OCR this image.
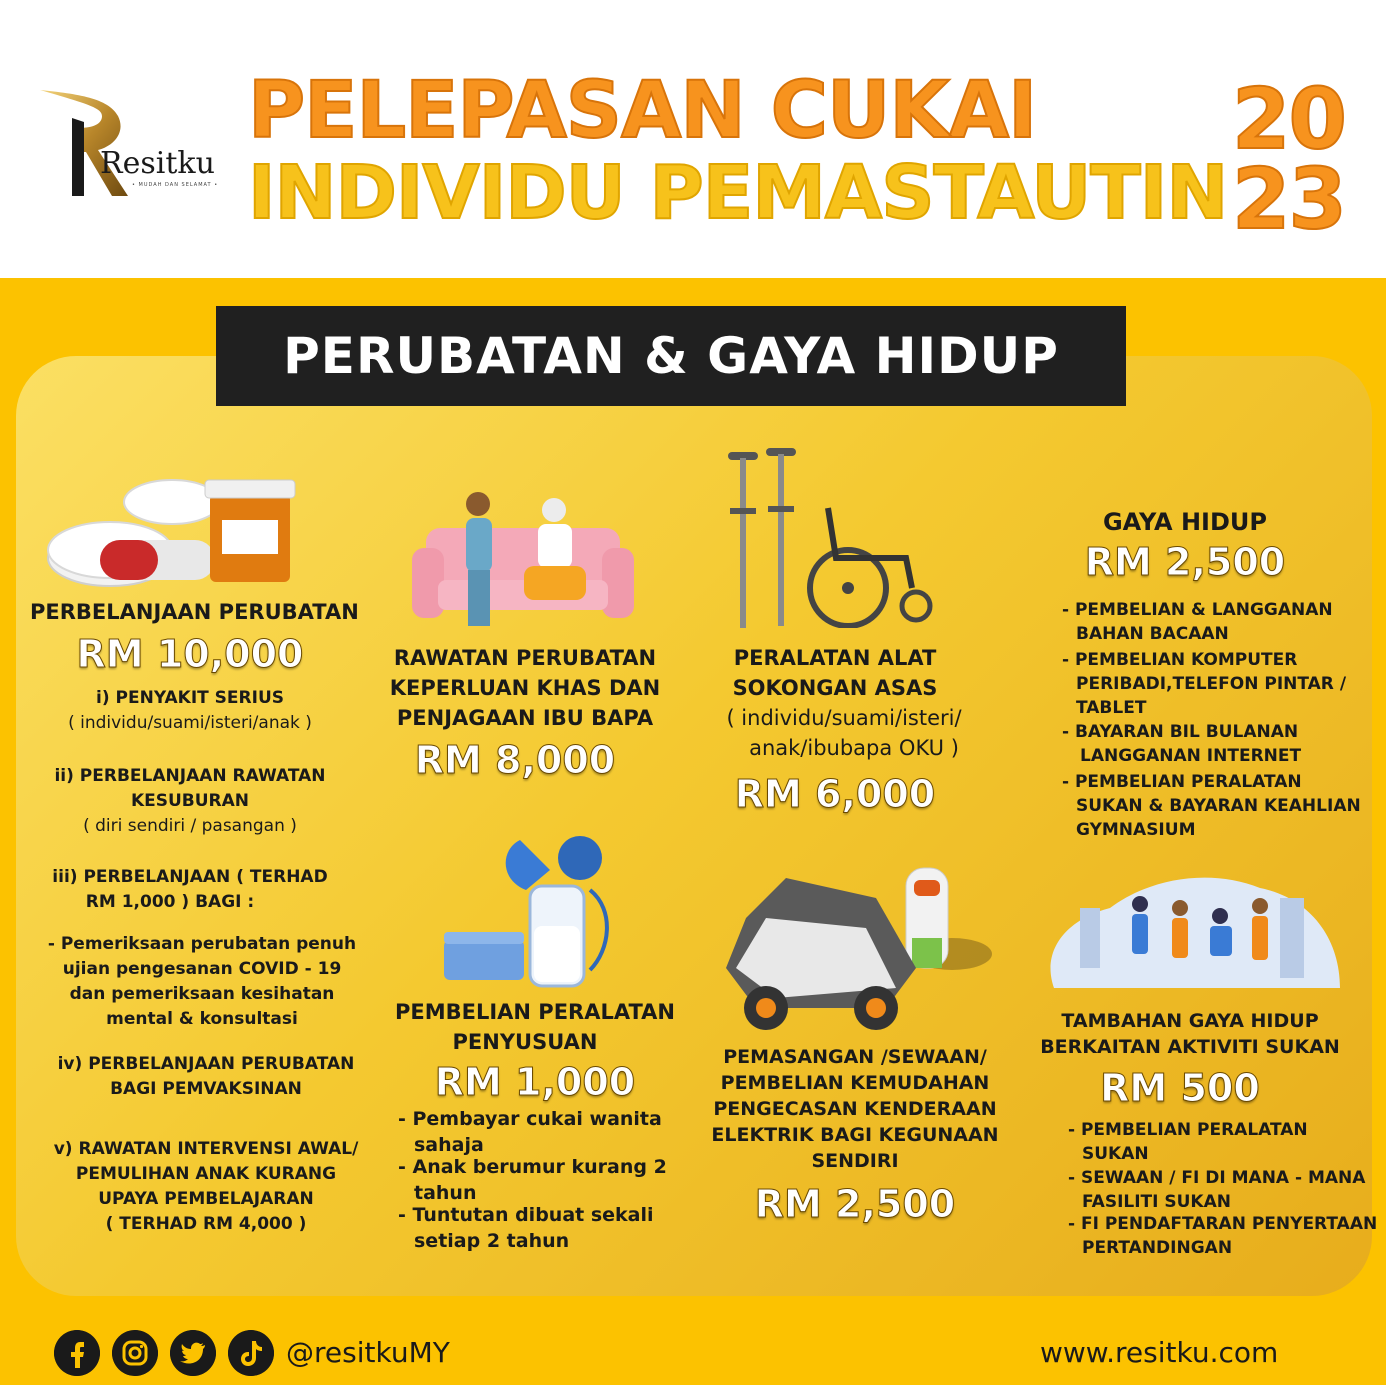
Resitku
• MUDAH DAN SELAMAT •
PELEPASAN CUKAI
INDIVIDU PEMASTAUTIN
20
23
PERUBATAN & GAYA HIDUP
PERBELANJAAN PERUBATAN
RM 10,000
i) PENYAKIT SERIUS
( individu/suami/isteri/anak )
ii) PERBELANJAAN RAWATAN
KESUBURAN
( diri sendiri / pasangan )
iii) PERBELANJAAN ( TERHAD
RM 1,000 ) BAGI :
- Pemeriksaan perubatan penuh
ujian pengesanan COVID - 19
dan pemeriksaan kesihatan
mental & konsultasi
iv) PERBELANJAAN PERUBATAN
BAGI PEMVAKSINAN
v) RAWATAN INTERVENSI AWAL/
PEMULIHAN ANAK KURANG
UPAYA PEMBELAJARAN
( TERHAD RM 4,000 )
RAWATAN PERUBATAN
KEPERLUAN KHAS DAN
PENJAGAAN IBU BAPA
RM 8,000
PEMBELIAN PERALATAN
PENYUSUAN
RM 1,000
- Pembayar cukai wanita
sahaja
- Anak berumur kurang 2
tahun
- Tuntutan dibuat sekali
setiap 2 tahun
PERALATAN ALAT
SOKONGAN ASAS
( individu/suami/isteri/
anak/ibubapa OKU )
RM 6,000
PEMASANGAN /SEWAAN/
PEMBELIAN KEMUDAHAN
PENGECASAN KENDERAAN
ELEKTRIK BAGI KEGUNAAN
SENDIRI
RM 2,500
GAYA HIDUP
RM 2,500
- PEMBELIAN & LANGGANAN
BAHAN BACAAN
- PEMBELIAN KOMPUTER
PERIBADI,TELEFON PINTAR /
TABLET
- BAYARAN BIL BULANAN
LANGGANAN INTERNET
- PEMBELIAN PERALATAN
SUKAN & BAYARAN KEAHLIAN
GYMNASIUM
TAMBAHAN GAYA HIDUP
BERKAITAN AKTIVITI SUKAN
RM 500
- PEMBELIAN PERALATAN
SUKAN
- SEWAAN / FI DI MANA - MANA
FASILITI SUKAN
- FI PENDAFTARAN PENYERTAAN
PERTANDINGAN
@resitkuMY	www.resitku.com
